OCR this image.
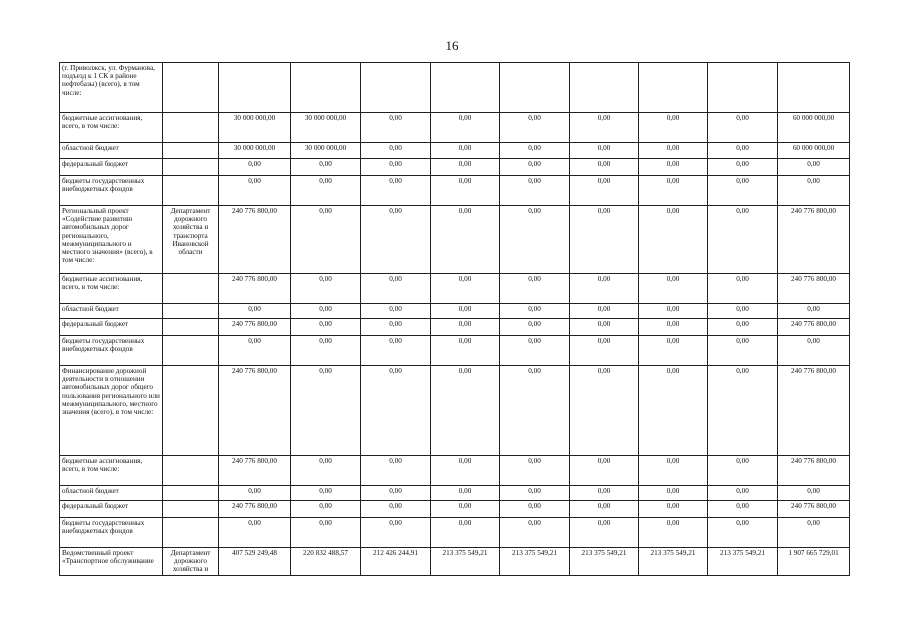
16
(г. Приволжск, ул. Фурманова, подъезд к 1 СК в районе нефтебазы) (всего), в том числе:										
бюджетные ассигнования, всего, в том числе:		30 000 000,00	30 000 000,00	0,00	0,00	0,00	0,00	0,00	0,00	60 000 000,00
областной бюджет		30 000 000,00	30 000 000,00	0,00	0,00	0,00	0,00	0,00	0,00	60 000 000,00
федеральный бюджет		0,00	0,00	0,00	0,00	0,00	0,00	0,00	0,00	0,00
бюджеты государственных внебюджетных фондов		0,00	0,00	0,00	0,00	0,00	0,00	0,00	0,00	0,00
Региональный проект «Содействие развитию автомобильных дорог регионального, межмуниципального и местного значения» (всего), в том числе:	Департамент дорожного хозяйства и транспорта Ивановской области	240 776 800,00	0,00	0,00	0,00	0,00	0,00	0,00	0,00	240 776 800,00
бюджетные ассигнования, всего, в том числе:		240 776 800,00	0,00	0,00	0,00	0,00	0,00	0,00	0,00	240 776 800,00
областной бюджет		0,00	0,00	0,00	0,00	0,00	0,00	0,00	0,00	0,00
федеральный бюджет		240 776 800,00	0,00	0,00	0,00	0,00	0,00	0,00	0,00	240 776 800,00
бюджеты государственных внебюджетных фондов		0,00	0,00	0,00	0,00	0,00	0,00	0,00	0,00	0,00
Финансирование дорожной деятельности в отношении автомобильных дорог общего пользования регионального или межмуниципального, местного значения (всего), в том числе:		240 776 800,00	0,00	0,00	0,00	0,00	0,00	0,00	0,00	240 776 800,00
бюджетные ассигнования, всего, в том числе:		240 776 800,00	0,00	0,00	0,00	0,00	0,00	0,00	0,00	240 776 800,00
областной бюджет		0,00	0,00	0,00	0,00	0,00	0,00	0,00	0,00	0,00
федеральный бюджет		240 776 800,00	0,00	0,00	0,00	0,00	0,00	0,00	0,00	240 776 800,00
бюджеты государственных внебюджетных фондов		0,00	0,00	0,00	0,00	0,00	0,00	0,00	0,00	0,00
Ведомственный проект «Транспортное обслуживание	Департамент дорожного хозяйства и	407 529 249,48	220 832 488,57	212 426 244,91	213 375 549,21	213 375 549,21	213 375 549,21	213 375 549,21	213 375 549,21	1 907 665 729,01
